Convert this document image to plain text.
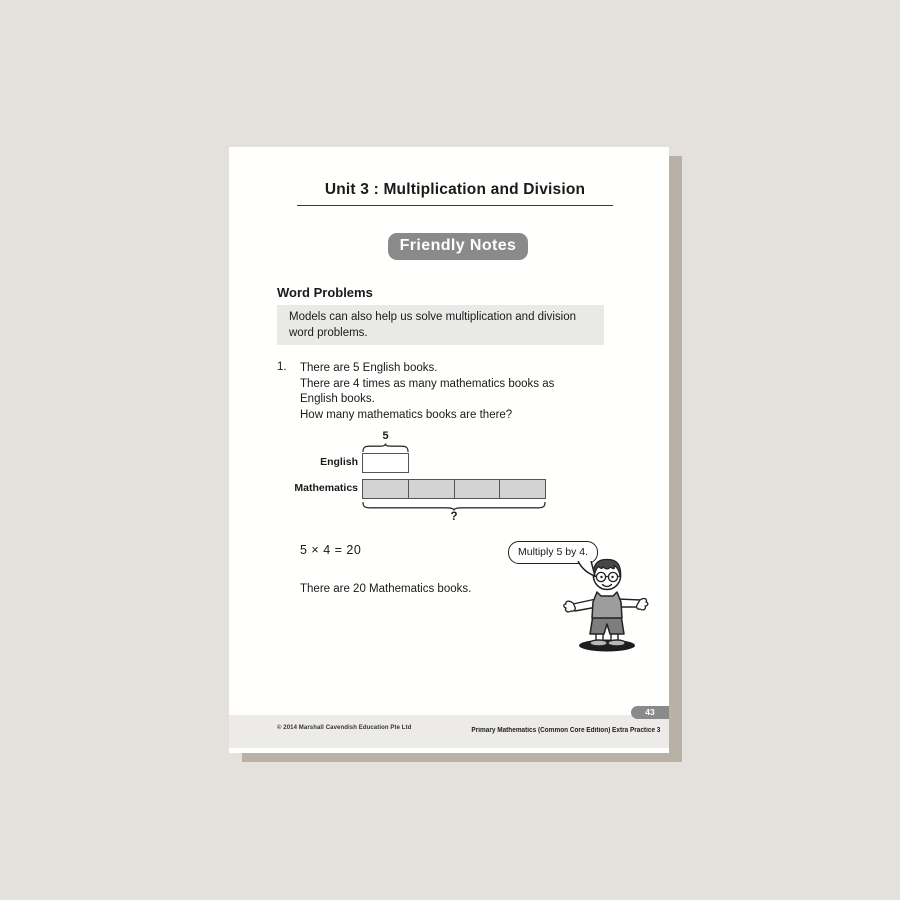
Unit 3 : Multiplication and Division
Friendly Notes
Word Problems
Models can also help us solve multiplication and division word problems.
1. There are 5 English books.
There are 4 times as many mathematics books as
English books.
How many mathematics books are there?
5
English
Mathematics
?
5 × 4 = 20
There are 20 Mathematics books.
Multiply 5 by 4.
© 2014 Marshall Cavendish Education Pte Ltd	Primary Mathematics (Common Core Edition) Extra Practice 3
43
